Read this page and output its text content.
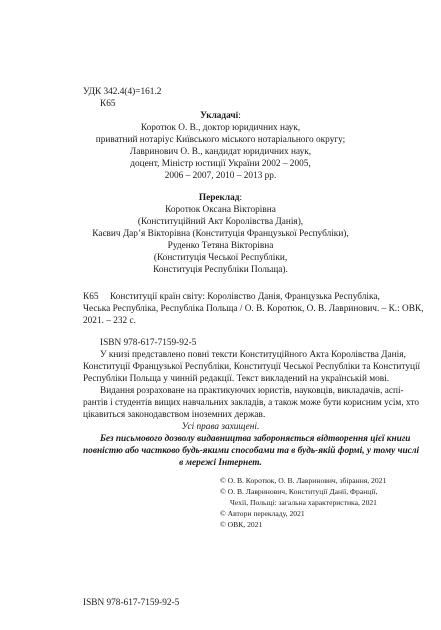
УДК 342.4(4)=161.2
К65
Укладачі:
Коротюк О. В., доктор юридичних наук,
приватний нотаріус Київського міського нотаріального округу;
Лавринович О. В., кандидат юридичних наук,
доцент, Міністр юстиції України 2002 – 2005,
2006 – 2007, 2010 – 2013 рр.
Переклад:
Коротюк Оксана Вікторівна
(Конституційний Акт Королівства Данія),
Каєвич Дар’я Вікторівна (Конституція Французької Республіки),
Руденко Тетяна Вікторівна
(Конституція Чеської Республіки,
Конституція Республіки Польща).
К65 Конституції країн світу: Королівство Данія, Французька Республіка,
Чеська Республіка, Республіка Польща / О. В. Коротюк, О. В. Лавринович. – К.: ОВК,
2021. – 232 с.
ISBN 978-617-7159-92-5
У книзі представлено повні тексти Конституційного Акта Королівства Данія,
Конституції Французької Республіки, Конституції Чеської Республіки та Конституції
Республіки Польща у чинній редакції. Текст викладений на українській мові.
Видання розраховане на практикуючих юристів, науковців, викладачів, аспі-
рантів і студентів вищих навчальних закладів, а також може бути корисним усім, хто
цікавиться законодавством іноземних держав.
Усі права захищені.
Без письмового дозволу видавництва забороняється відтворення цієї книги
повністю або частково будь-якими способами та в будь-якій формі, у тому числі
в мережі Інтернет.
© О. В. Коротюк, О. В. Лавринович, збірання, 2021
© О. В. Лавринович, Конституції Данії, Франції,
Чехії, Польщі: загальна характеристика, 2021
© Автори перекладу, 2021
© ОВК, 2021
ISBN 978-617-7159-92-5
